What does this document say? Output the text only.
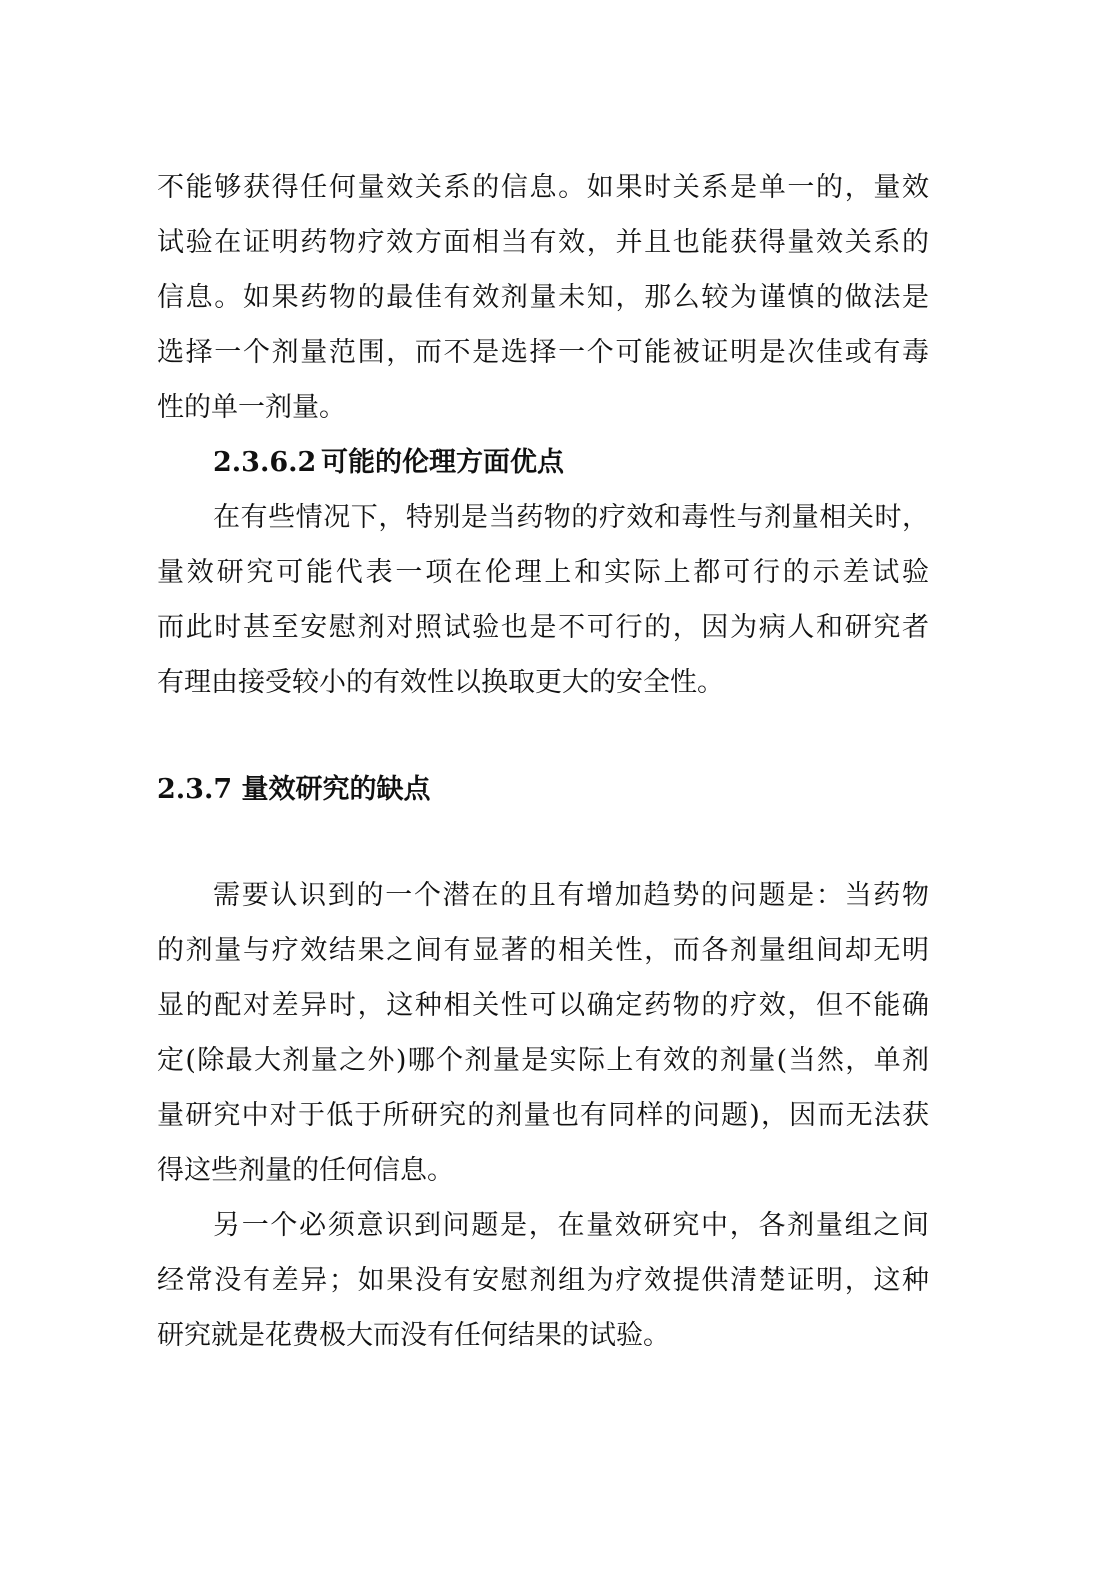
不能够获得任何量效关系的信息。如果时关系是单一的，量效
试验在证明药物疗效方面相当有效，并且也能获得量效关系的
信息。如果药物的最佳有效剂量未知，那么较为谨慎的做法是
选择一个剂量范围，而不是选择一个可能被证明是次佳或有毒
性的单一剂量。
2.3.6.2 可能的伦理方面优点
在有些情况下，特别是当药物的疗效和毒性与剂量相关时，
量效研究可能代表一项在伦理上和实际上都可行的示差试验
而此时甚至安慰剂对照试验也是不可行的，因为病人和研究者
有理由接受较小的有效性以换取更大的安全性。
2.3.7 量效研究的缺点
需要认识到的一个潜在的且有增加趋势的问题是：当药物
的剂量与疗效结果之间有显著的相关性，而各剂量组间却无明
显的配对差异时，这种相关性可以确定药物的疗效，但不能确
定(除最大剂量之外)哪个剂量是实际上有效的剂量(当然，单剂
量研究中对于低于所研究的剂量也有同样的问题)，因而无法获
得这些剂量的任何信息。
另一个必须意识到问题是，在量效研究中，各剂量组之间
经常没有差异；如果没有安慰剂组为疗效提供清楚证明，这种
研究就是花费极大而没有任何结果的试验。
